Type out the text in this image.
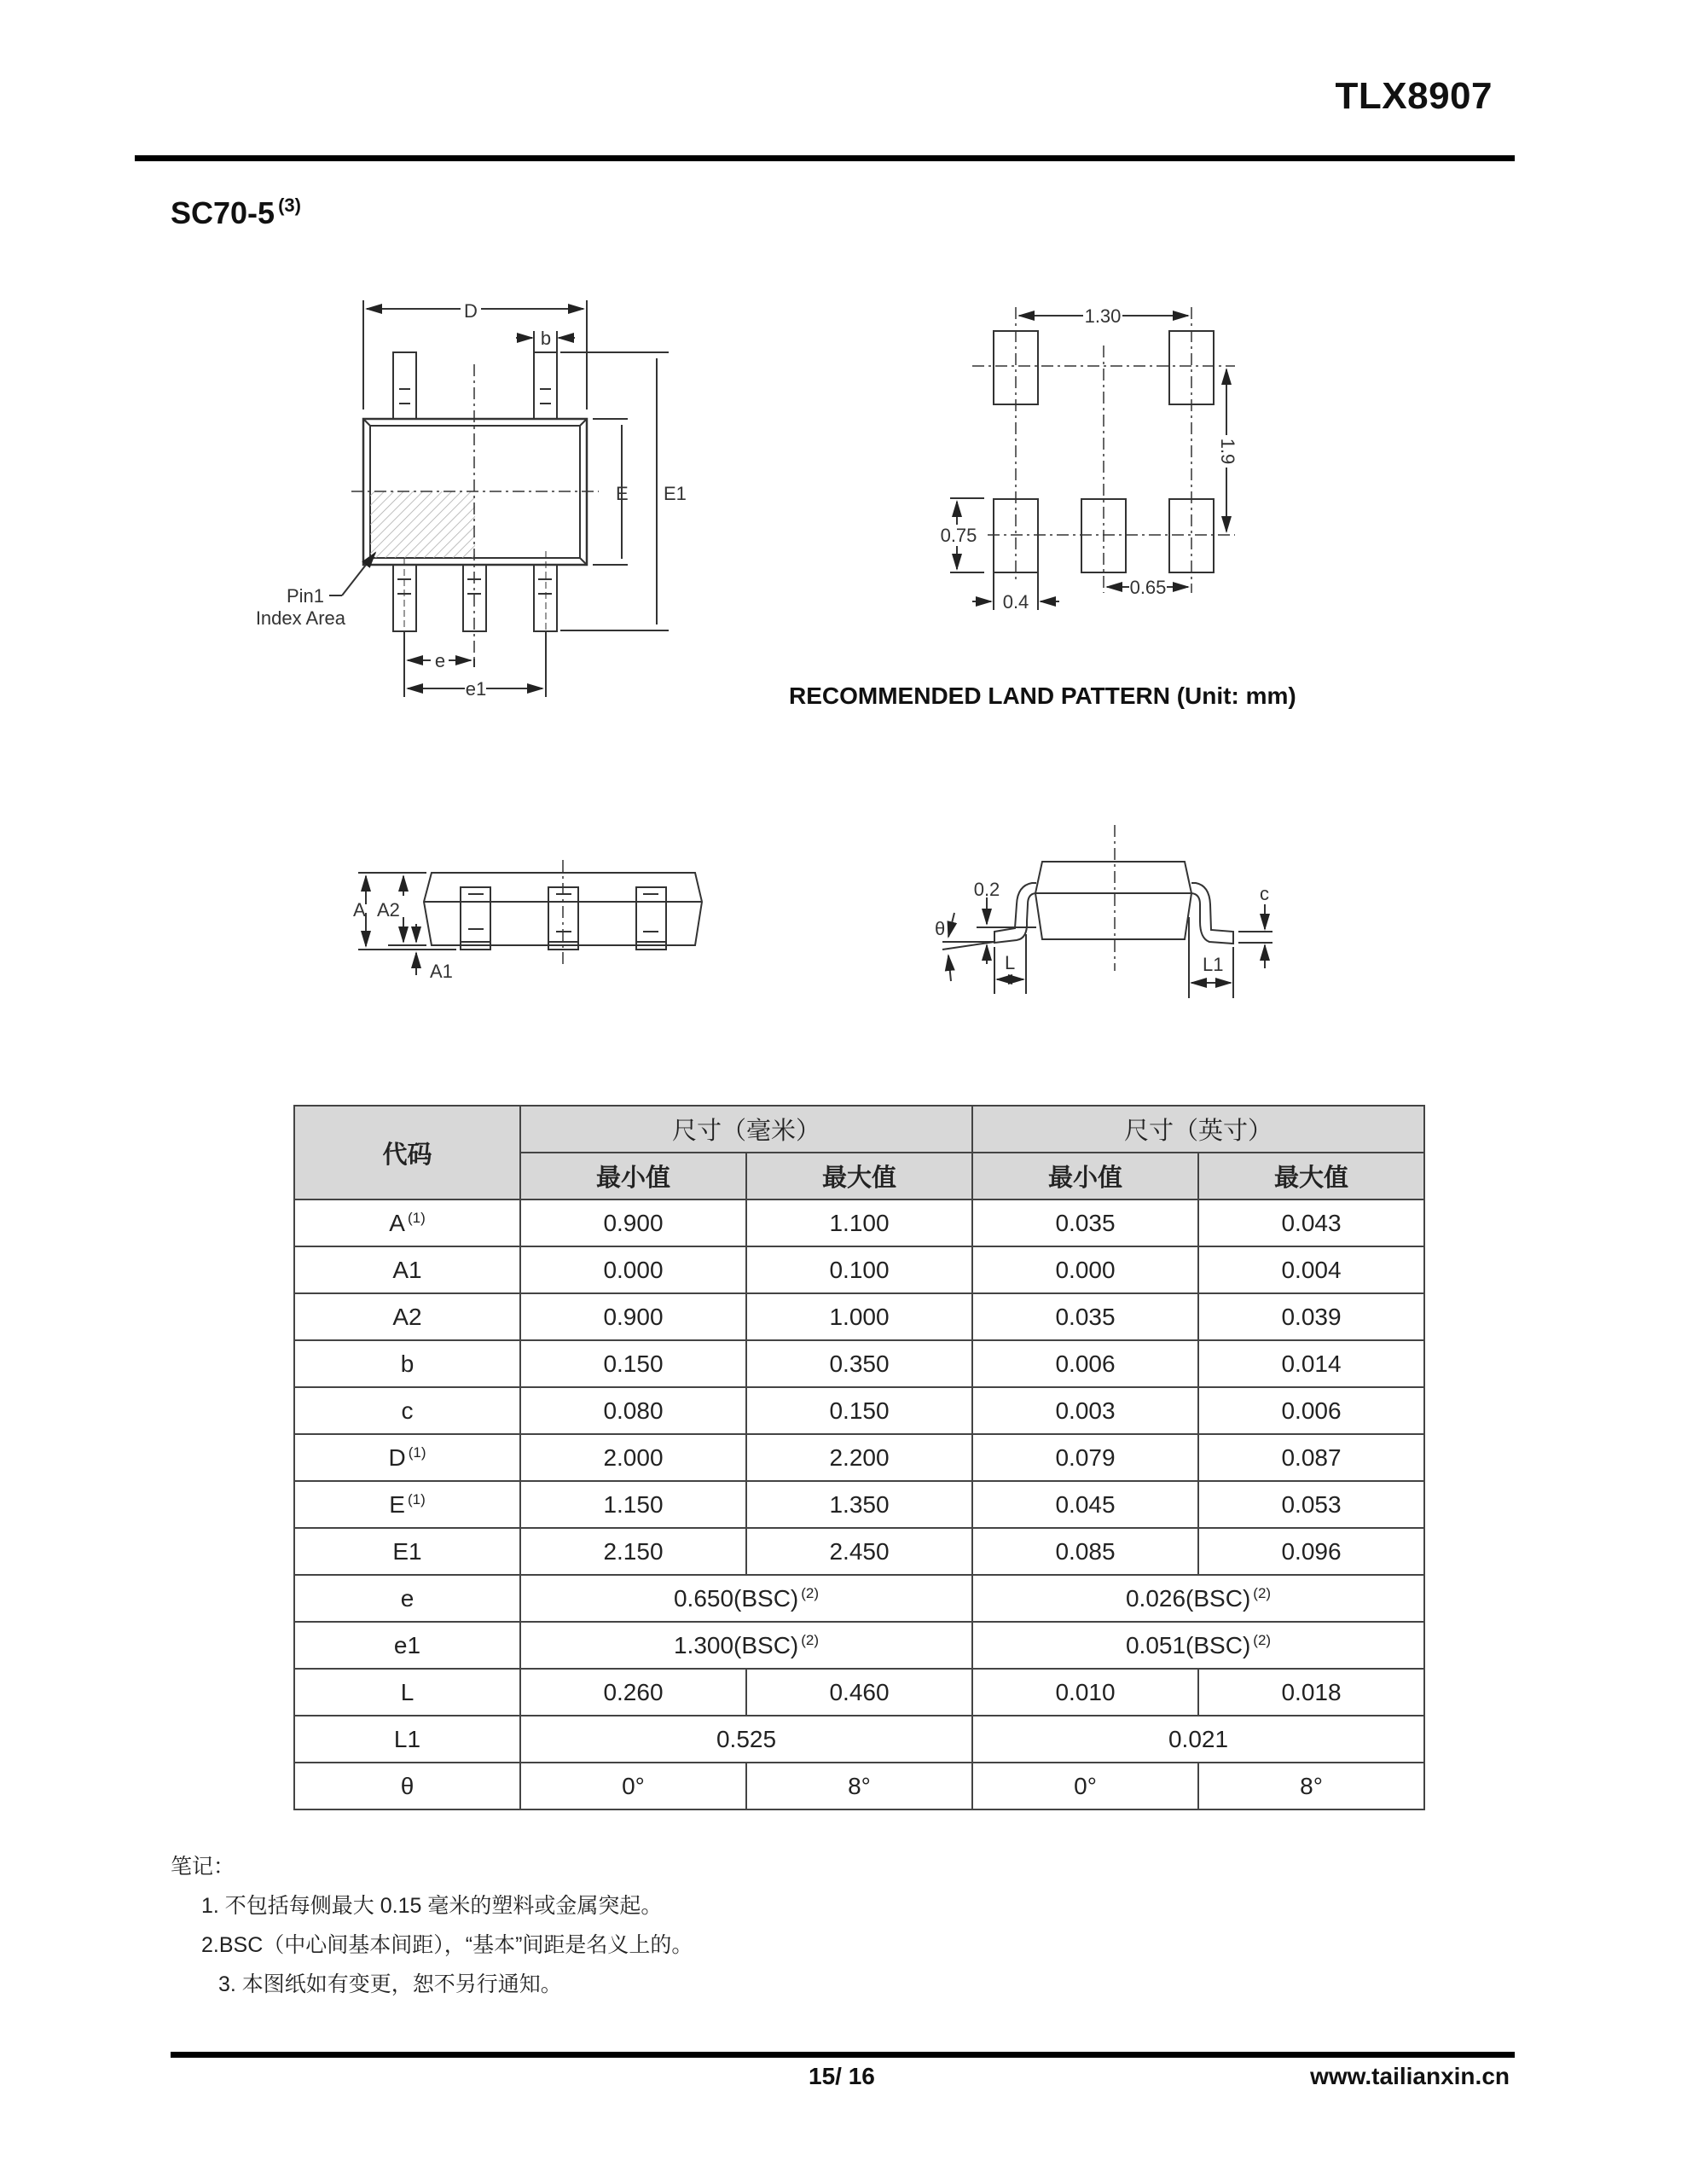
TLX8907
SC70-5 $^{(3)}$
D
b
E E1
e
e1
Pin1
Index Area
1.30
1.9
0.75
0.4
0.65
RECOMMENDED LAND PATTERN (Unit: mm)
A A2
A1
0.2
θ
L	L1
c
代码	尺寸（毫米）		尺寸（英寸）	
	最小值	最大值	最小值	最大值
A $^{(1)}$	0.900	1.100	0.035	0.043
A1	0.000	0.100	0.000	0.004
A2	0.900	1.000	0.035	0.039
b	0.150	0.350	0.006	0.014
c	0.080	0.150	0.003	0.006
D $^{(1)}$	2.000	2.200	0.079	0.087
E $^{(1)}$	1.150	1.350	0.045	0.053
E1	2.150	2.450	0.085	0.096
e	0.650(BSC) $^{(2)}$		0.026(BSC) $^{(2)}$
e1	1.300(BSC) $^{(2)}$		0.051(BSC) $^{(2)}$
L	0.260	0.460	0.010	0.018
L1	0.525		0.021	
θ	0°	8°	0°	8°
笔记：
1. 不包括每侧最大 0.15 毫米的塑料或金属突起。
2.BSC（中心间基本间距），“基本”间距是名义上的。
3. 本图纸如有变更，恕不另行通知。
15/ 16	www.tailianxin.cn
